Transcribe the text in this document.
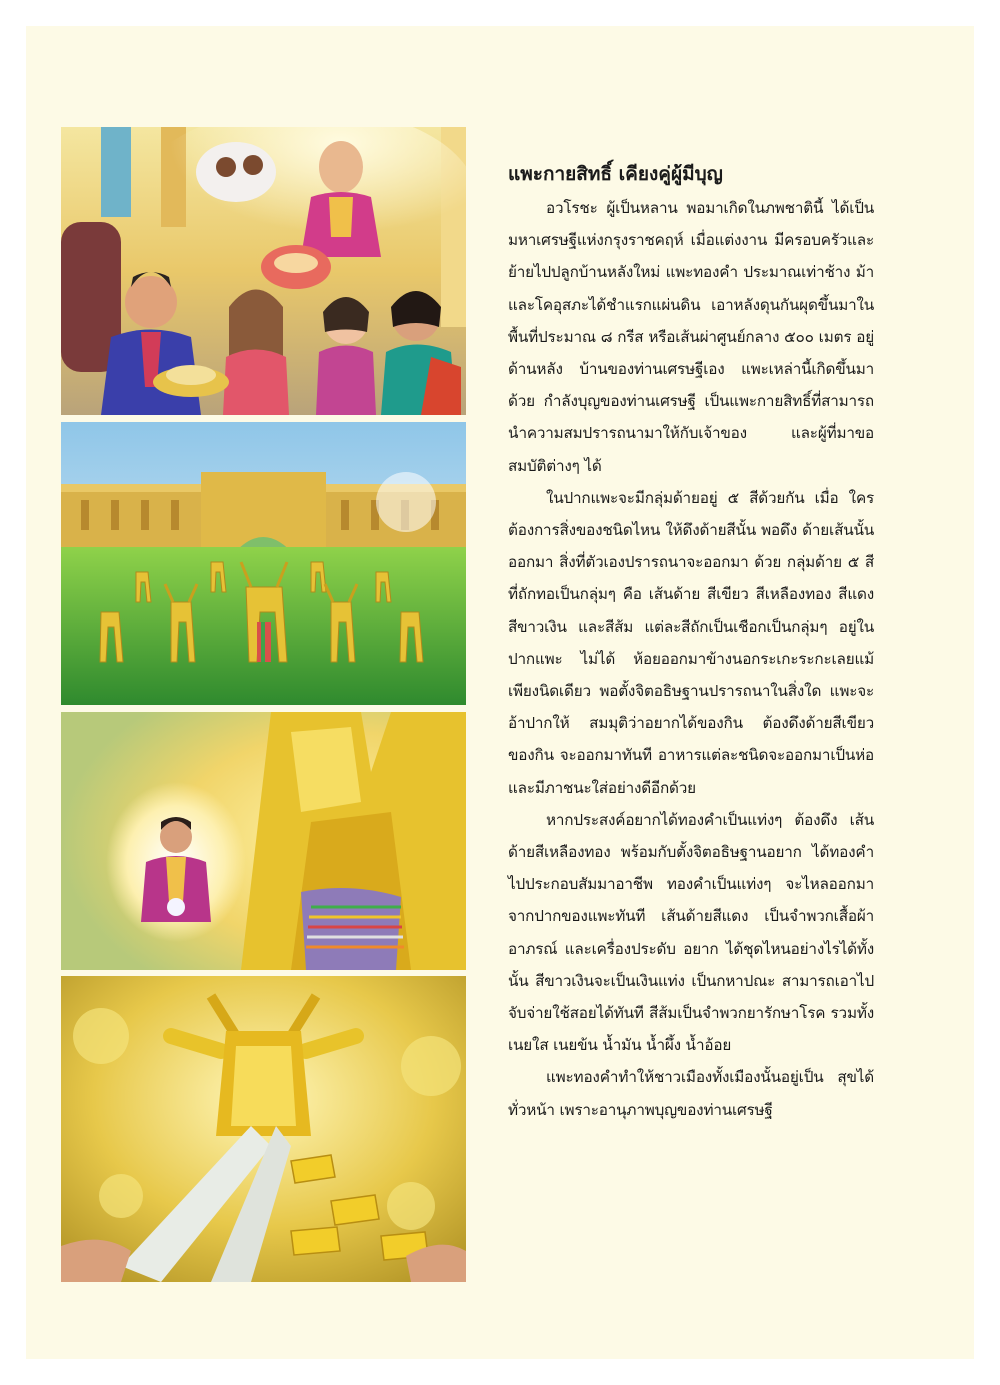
แพะกายสิทธิ์ เคียงคู่ผู้มีบุญ

อวโรชะ ผู้เป็นหลาน พอมาเกิดในภพชาตินี้ ได้เป็นมหาเศรษฐีแห่งกรุงราชคฤห์ เมื่อแต่งงาน มีครอบครัวและย้ายไปปลูกบ้านหลังใหม่ แพะทองคำ ประมาณเท่าช้าง ม้า และโคอุสภะได้ชำแรกแผ่นดิน เอาหลังดุนกันผุดขึ้นมาในพื้นที่ประมาณ ๘ กรีส หรือเส้นผ่าศูนย์กลาง ๕๐๐ เมตร อยู่ด้านหลัง บ้านของท่านเศรษฐีเอง แพะเหล่านี้เกิดขึ้นมาด้วย กำลังบุญของท่านเศรษฐี เป็นแพะกายสิทธิ์ที่สามารถ นำความสมปรารถนามาให้กับเจ้าของ และผู้ที่มาขอ สมบัติต่างๆ ได้

ในปากแพะจะมีกลุ่มด้ายอยู่ ๕ สีด้วยกัน เมื่อ ใครต้องการสิ่งของชนิดไหน ให้ดึงด้ายสีนั้น พอดึง ด้ายเส้นนั้นออกมา สิ่งที่ตัวเองปรารถนาจะออกมา ด้วย กลุ่มด้าย ๕ สีที่ถักทอเป็นกลุ่มๆ คือ เส้นด้าย สีเขียว สีเหลืองทอง สีแดง สีขาวเงิน และสีส้ม แต่ละสีถักเป็นเชือกเป็นกลุ่มๆ อยู่ในปากแพะ ไม่ได้ ห้อยออกมาข้างนอกระเกะระกะเลยแม้เพียงนิดเดียว พอตั้งจิตอธิษฐานปรารถนาในสิ่งใด แพะจะอ้าปากให้ สมมุติว่าอยากได้ของกิน ต้องดึงด้ายสีเขียว ของกิน จะออกมาทันที อาหารแต่ละชนิดจะออกมาเป็นห่อ และมีภาชนะใส่อย่างดีอีกด้วย

หากประสงค์อยากได้ทองคำเป็นแท่งๆ ต้องดึง เส้นด้ายสีเหลืองทอง พร้อมกับตั้งจิตอธิษฐานอยาก ได้ทองคำไปประกอบสัมมาอาชีพ ทองคำเป็นแท่งๆ จะไหลออกมาจากปากของแพะทันที เส้นด้ายสีแดง เป็นจำพวกเสื้อผ้าอาภรณ์ และเครื่องประดับ อยาก ได้ชุดไหนอย่างไรได้ทั้งนั้น สีขาวเงินจะเป็นเงินแท่ง เป็นกหาปณะ สามารถเอาไปจับจ่ายใช้สอยได้ทันที สีส้มเป็นจำพวกยารักษาโรค รวมทั้งเนยใส เนยข้น น้ำมัน น้ำผึ้ง น้ำอ้อย

แพะทองคำทำให้ชาวเมืองทั้งเมืองนั้นอยู่เป็น สุขได้ทั่วหน้า เพราะอานุภาพบุญของท่านเศรษฐี
